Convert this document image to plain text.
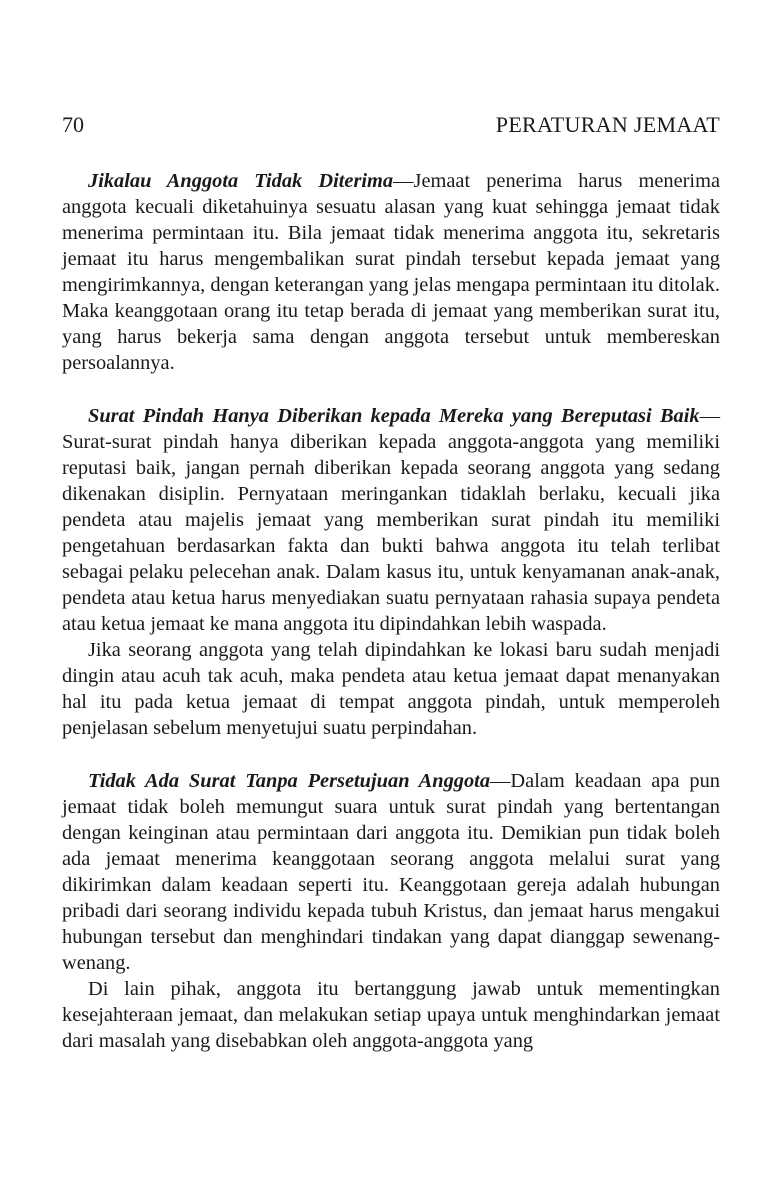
70	PERATURAN JEMAAT

Jikalau Anggota Tidak Diterima—Jemaat penerima harus menerima anggota kecuali diketahuinya sesuatu alasan yang kuat sehingga jemaat tidak menerima permintaan itu. Bila jemaat tidak menerima anggota itu, sekretaris jemaat itu harus mengembalikan surat pindah tersebut kepada jemaat yang mengirimkannya, dengan keterangan yang jelas mengapa permintaan itu ditolak. Maka keanggotaan orang itu tetap berada di jemaat yang memberikan surat itu, yang harus bekerja sama dengan anggota tersebut untuk membereskan persoalannya.

Surat Pindah Hanya Diberikan kepada Mereka yang Bereputasi Baik—Surat-surat pindah hanya diberikan kepada anggota-anggota yang memiliki reputasi baik, jangan pernah diberikan kepada seorang anggota yang sedang dikenakan disiplin. Pernyataan meringankan tidaklah berlaku, kecuali jika pendeta atau majelis jemaat yang memberikan surat pindah itu memiliki pengetahuan berdasarkan fakta dan bukti bahwa anggota itu telah terlibat sebagai pelaku pelecehan anak. Dalam kasus itu, untuk kenyamanan anak-anak, pendeta atau ketua harus menyediakan suatu pernyataan rahasia supaya pendeta atau ketua jemaat ke mana anggota itu dipindahkan lebih waspada.

Jika seorang anggota yang telah dipindahkan ke lokasi baru sudah menjadi dingin atau acuh tak acuh, maka pendeta atau ketua jemaat dapat menanyakan hal itu pada ketua jemaat di tempat anggota pindah, untuk memperoleh penjelasan sebelum menyetujui suatu perpindahan.

Tidak Ada Surat Tanpa Persetujuan Anggota—Dalam keadaan apa pun jemaat tidak boleh memungut suara untuk surat pindah yang bertentangan dengan keinginan atau permintaan dari anggota itu. Demikian pun tidak boleh ada jemaat menerima keanggotaan seorang anggota melalui surat yang dikirimkan dalam keadaan seperti itu. Keanggotaan gereja adalah hubungan pribadi dari seorang individu kepada tubuh Kristus, dan jemaat harus mengakui hubungan tersebut dan menghindari tindakan yang dapat dianggap sewenang-wenang.

Di lain pihak, anggota itu bertanggung jawab untuk mementingkan kesejahteraan jemaat, dan melakukan setiap upaya untuk menghindarkan jemaat dari masalah yang disebabkan oleh anggota-anggota yang
